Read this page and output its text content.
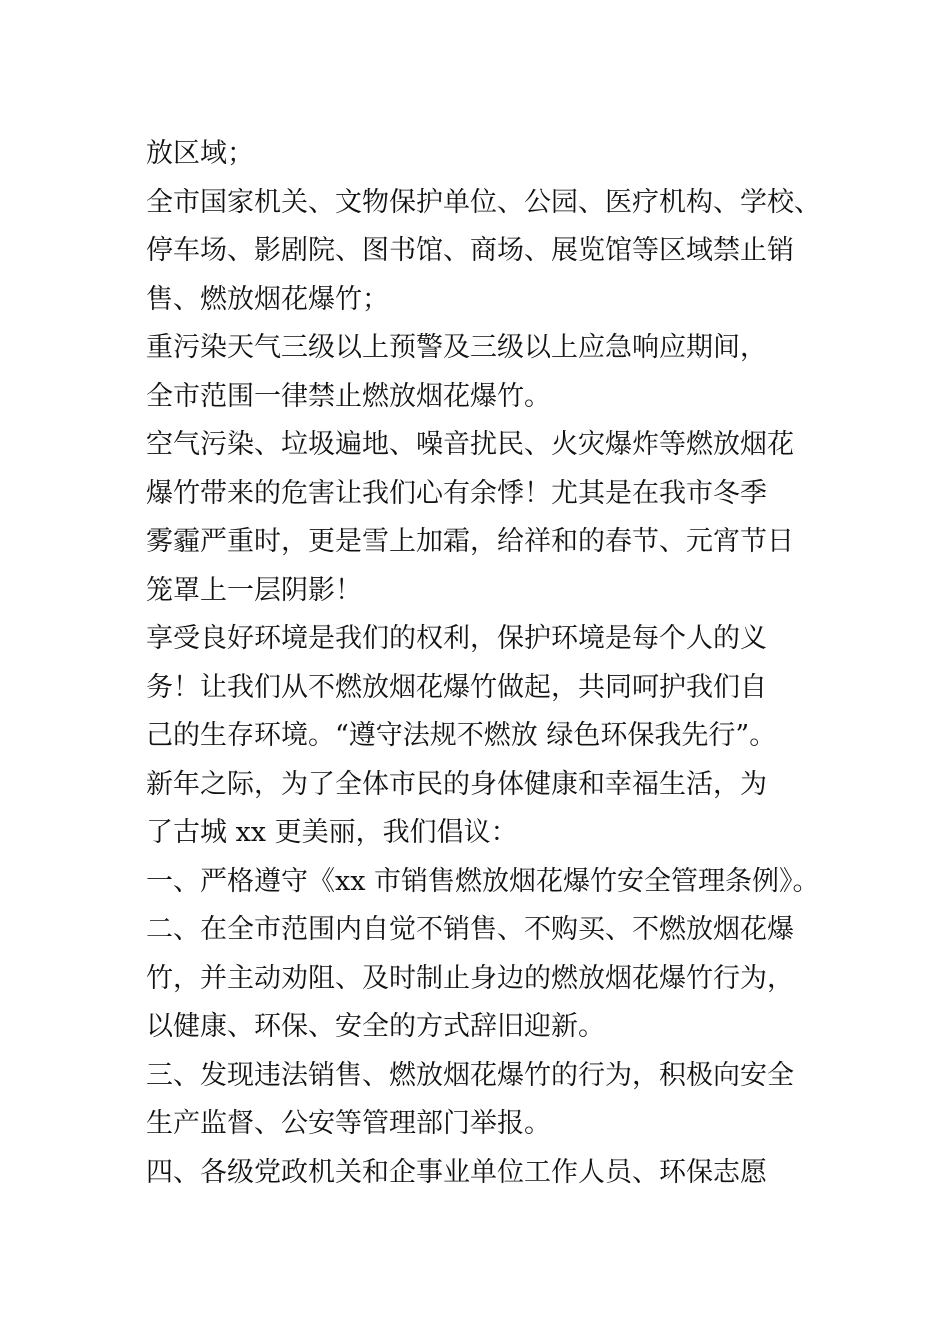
放区域；
全市国家机关、文物保护单位、公园、医疗机构、学校、
停车场、影剧院、图书馆、商场、展览馆等区域禁止销
售、燃放烟花爆竹；
重污染天气三级以上预警及三级以上应急响应期间，
全市范围一律禁止燃放烟花爆竹。
空气污染、垃圾遍地、噪音扰民、火灾爆炸等燃放烟花
爆竹带来的危害让我们心有余悸！尤其是在我市冬季
雾霾严重时，更是雪上加霜，给祥和的春节、元宵节日
笼罩上一层阴影！
享受良好环境是我们的权利，保护环境是每个人的义
务！让我们从不燃放烟花爆竹做起，共同呵护我们自
己的生存环境。“遵守法规不燃放 绿色环保我先行”。
新年之际，为了全体市民的身体健康和幸福生活，为
了古城 xx 更美丽，我们倡议：
一、严格遵守《xx 市销售燃放烟花爆竹安全管理条例》。
二、在全市范围内自觉不销售、不购买、不燃放烟花爆
竹，并主动劝阻、及时制止身边的燃放烟花爆竹行为，
以健康、环保、安全的方式辞旧迎新。
三、发现违法销售、燃放烟花爆竹的行为，积极向安全
生产监督、公安等管理部门举报。
四、各级党政机关和企事业单位工作人员、环保志愿
